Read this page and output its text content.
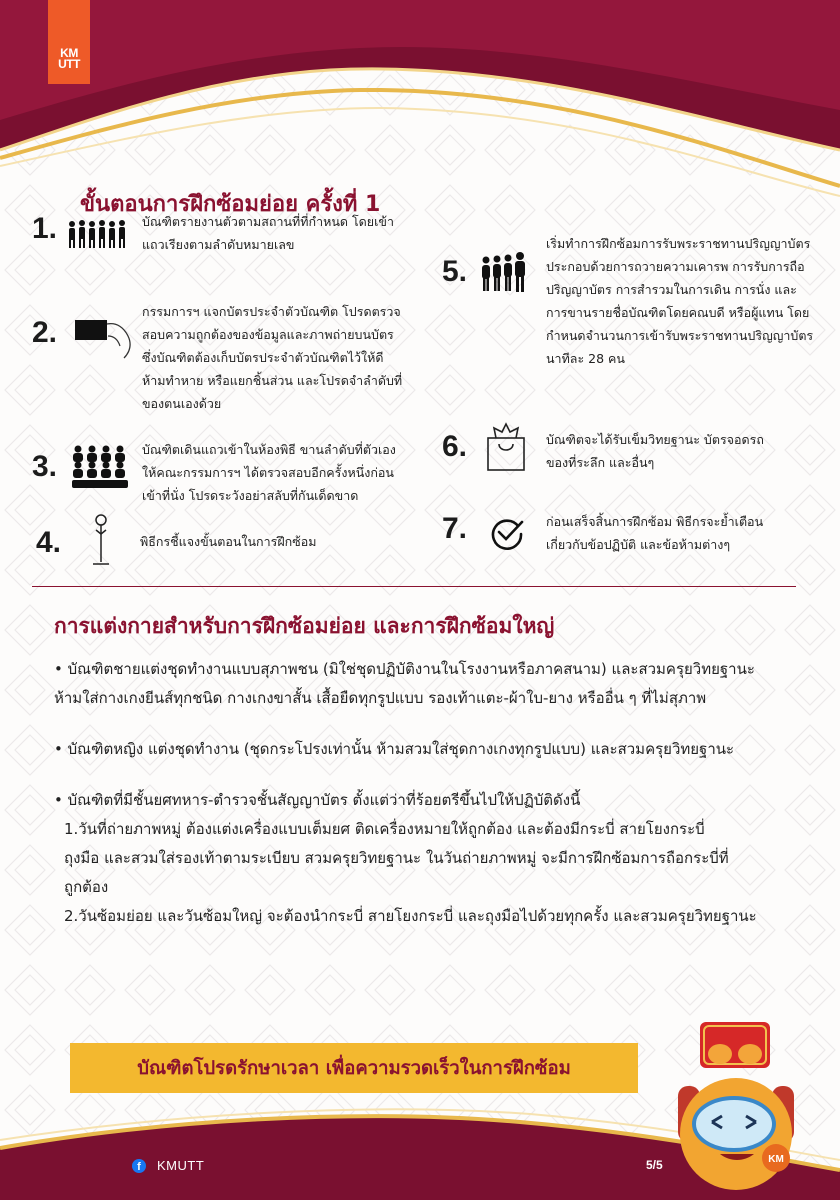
KM
UTT
ขั้นตอนการฝึกซ้อมย่อย ครั้งที่ 1
1.	บัณฑิตรายงานตัวตามสถานที่ที่กำหนด โดยเข้า
แถวเรียงตามลำดับหมายเลข
2.
กรรมการฯ แจกบัตรประจำตัวบัณฑิต โปรดตรวจ
สอบความถูกต้องของข้อมูลและภาพถ่ายบนบัตร
ซึ่งบัณฑิตต้องเก็บบัตรประจำตัวบัณฑิตไว้ให้ดี
ห้ามทำหาย หรือแยกชิ้นส่วน และโปรดจำลำดับที่
ของตนเองด้วย
3.
บัณฑิตเดินแถวเข้าในห้องพิธี ขานลำดับที่ตัวเอง
ให้คณะกรรมการฯ ได้ตรวจสอบอีกครั้งหนึ่งก่อน
เข้าที่นั่ง โปรดระวังอย่าสลับที่กันเด็ดขาด
4.	พิธีกรชี้แจงขั้นตอนในการฝึกซ้อม
5.
เริ่มทำการฝึกซ้อมการรับพระราชทานปริญญาบัตร
ประกอบด้วยการถวายความเคารพ การรับการถือ
ปริญญาบัตร การสำรวมในการเดิน การนั่ง และ
การขานรายชื่อบัณฑิตโดยคณบดี หรือผู้แทน โดย
กำหนดจำนวนการเข้ารับพระราชทานปริญญาบัตร
นาทีละ 28 คน
6.	บัณฑิตจะได้รับเข็มวิทยฐานะ บัตรจอดรถ
ของที่ระลึก และอื่นๆ
7.	ก่อนเสร็จสิ้นการฝึกซ้อม พิธีกรจะย้ำเตือน
เกี่ยวกับข้อปฏิบัติ และข้อห้ามต่างๆ
การแต่งกายสำหรับการฝึกซ้อมย่อย และการฝึกซ้อมใหญ่

• บัณฑิตชายแต่งชุดทำงานแบบสุภาพชน (มิใช่ชุดปฏิบัติงานในโรงงานหรือภาคสนาม) และสวมครุยวิทยฐานะ

ห้ามใส่กางเกงยีนส์ทุกชนิด กางเกงขาสั้น เสื้อยืดทุกรูปแบบ รองเท้าแตะ-ผ้าใบ-ยาง หรืออื่น ๆ ที่ไม่สุภาพ

• บัณฑิตหญิง แต่งชุดทำงาน (ชุดกระโปรงเท่านั้น ห้ามสวมใส่ชุดกางเกงทุกรูปแบบ) และสวมครุยวิทยฐานะ

• บัณฑิตที่มีชั้นยศทหาร-ตำรวจชั้นสัญญาบัตร ตั้งแต่ว่าที่ร้อยตรีขึ้นไปให้ปฏิบัติดังนี้

1.วันที่ถ่ายภาพหมู่ ต้องแต่งเครื่องแบบเต็มยศ ติดเครื่องหมายให้ถูกต้อง และต้องมีกระบี่ สายโยงกระบี่

ถุงมือ และสวมใส่รองเท้าตามระเบียบ สวมครุยวิทยฐานะ ในวันถ่ายภาพหมู่ จะมีการฝึกซ้อมการถือกระบี่ที่

ถูกต้อง

2.วันซ้อมย่อย และวันซ้อมใหญ่ จะต้องนำกระบี่ สายโยงกระบี่ และถุงมือไปด้วยทุกครั้ง และสวมครุยวิทยฐานะ

บัณฑิตโปรดรักษาเวลา เพื่อความรวดเร็วในการฝึกซ้อม
KM
f KMUTT	5/5
